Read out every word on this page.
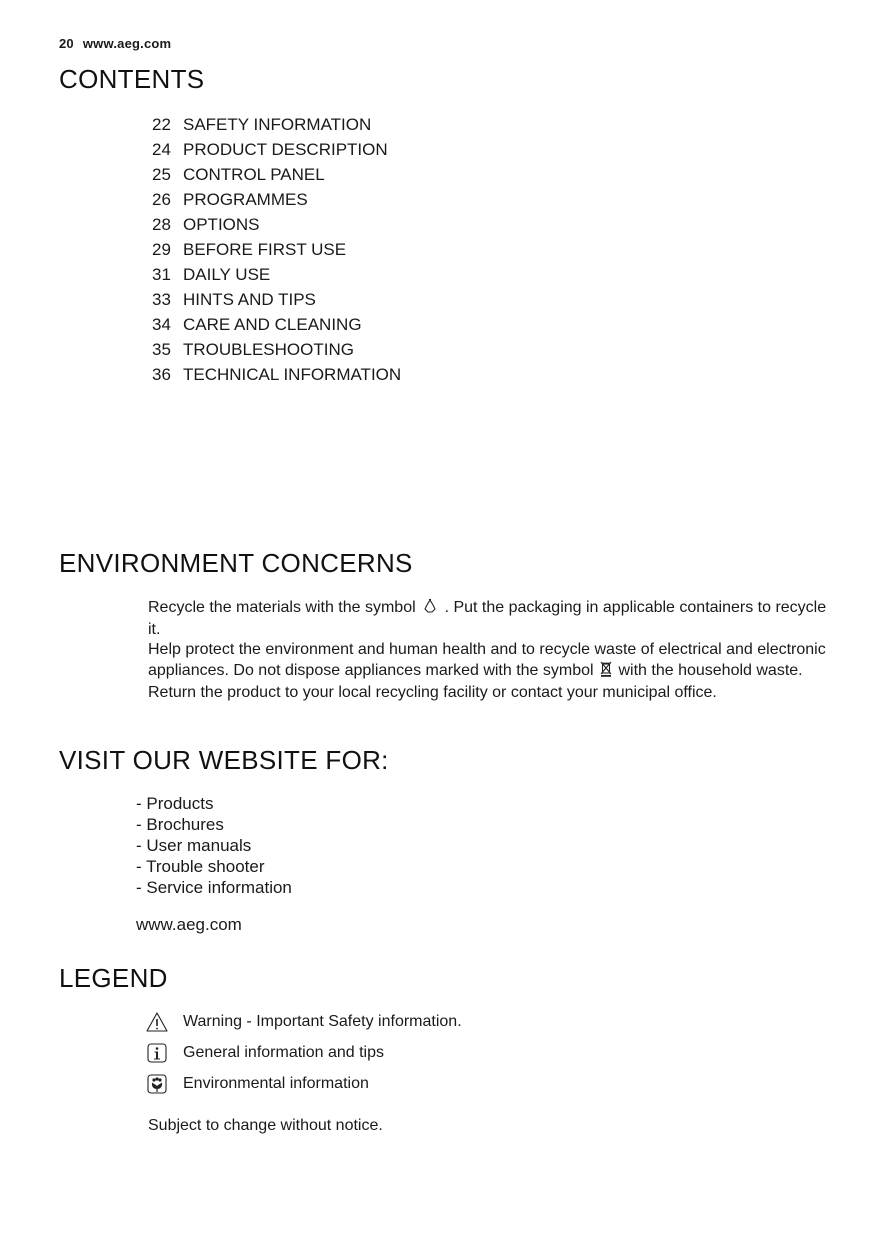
20 www.aeg.com
CONTENTS
22 SAFETY INFORMATION
24 PRODUCT DESCRIPTION
25 CONTROL PANEL
26 PROGRAMMES
28 OPTIONS
29 BEFORE FIRST USE
31 DAILY USE
33 HINTS AND TIPS
34 CARE AND CLEANING
35 TROUBLESHOOTING
36 TECHNICAL INFORMATION
ENVIRONMENT CONCERNS

Recycle the materials with the symbol . Put the packaging in applicable containers to recycle it.

Help protect the environment and human health and to recycle waste of electrical and electronic appliances. Do not dispose appliances marked with the symbol with the household waste. Return the product to your local recycling facility or contact your municipal office.

VISIT OUR WEBSITE FOR:
- Products
- Brochures
- User manuals
- Trouble shooter
- Service information
www.aeg.com
LEGEND
Warning - Important Safety information.
General information and tips
Environmental information
Subject to change without notice.
